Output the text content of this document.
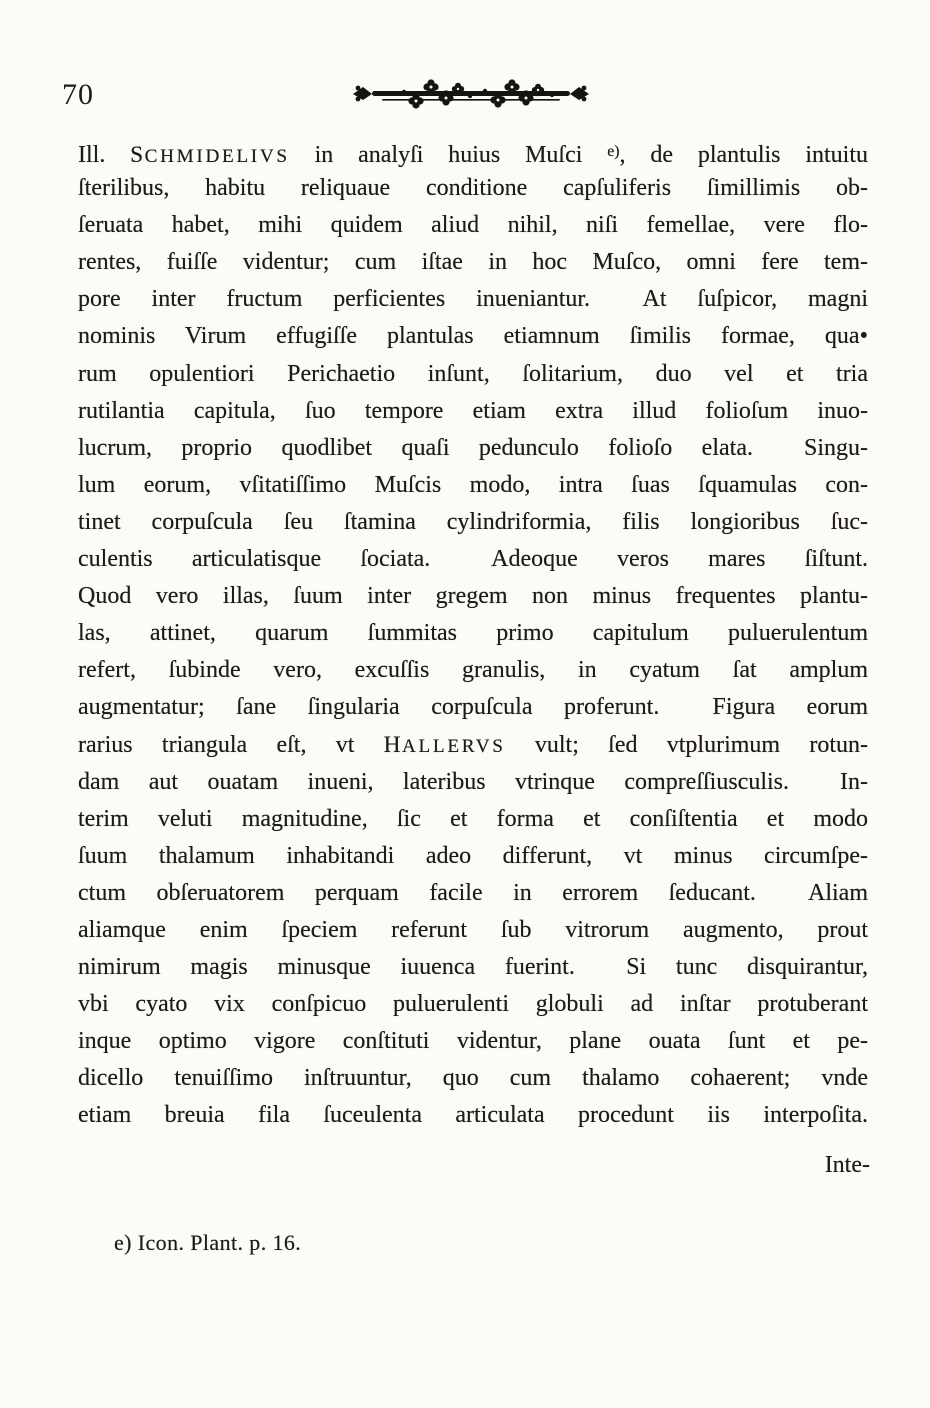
70
Ill. SCHMIDELIVS in analyſi huius Muſci $^{e)}$, de plantulis intuitu
ſterilibus, habitu reliquaue conditione capſuliferis ſimillimis ob-
ſeruata habet, mihi quidem aliud nihil, niſi femellae, vere flo-
rentes, fuiſſe videntur; cum iſtae in hoc Muſco, omni fere tem-
pore inter fructum perficientes inueniantur. At ſuſpicor, magni
nominis Virum effugiſſe plantulas etiamnum ſimilis formae, qua•
rum opulentiori Perichaetio inſunt, ſolitarium, duo vel et tria
rutilantia capitula, ſuo tempore etiam extra illud folioſum inuo-
lucrum, proprio quodlibet quaſi pedunculo folioſo elata. Singu-
lum eorum, vſitatiſſimo Muſcis modo, intra ſuas ſquamulas con-
tinet corpuſcula ſeu ſtamina cylindriformia, filis longioribus ſuc-
culentis articulatisque ſociata. Adeoque veros mares ſiſtunt.
Quod vero illas, ſuum inter gregem non minus frequentes plantu-
las, attinet, quarum ſummitas primo capitulum puluerulentum
refert, ſubinde vero, excuſſis granulis, in cyatum ſat amplum
augmentatur; ſane ſingularia corpuſcula proferunt. Figura eorum
rarius triangula eſt, vt HALLERVS vult; ſed vtplurimum rotun-
dam aut ouatam inueni, lateribus vtrinque compreſſiusculis. In-
terim veluti magnitudine, ſic et forma et conſiſtentia et modo
ſuum thalamum inhabitandi adeo differunt, vt minus circumſpe-
ctum obſeruatorem perquam facile in errorem ſeducant. Aliam
aliamque enim ſpeciem referunt ſub vitrorum augmento, prout
nimirum magis minusque iuuenca fuerint. Si tunc disquirantur,
vbi cyato vix conſpicuo puluerulenti globuli ad inſtar protuberant
inque optimo vigore conſtituti videntur, plane ouata ſunt et pe-
dicello tenuiſſimo inſtruuntur, quo cum thalamo cohaerent; vnde
etiam breuia fila ſuceulenta articulata procedunt iis interpoſita.
Inte-
e) Icon. Plant. p. 16.
